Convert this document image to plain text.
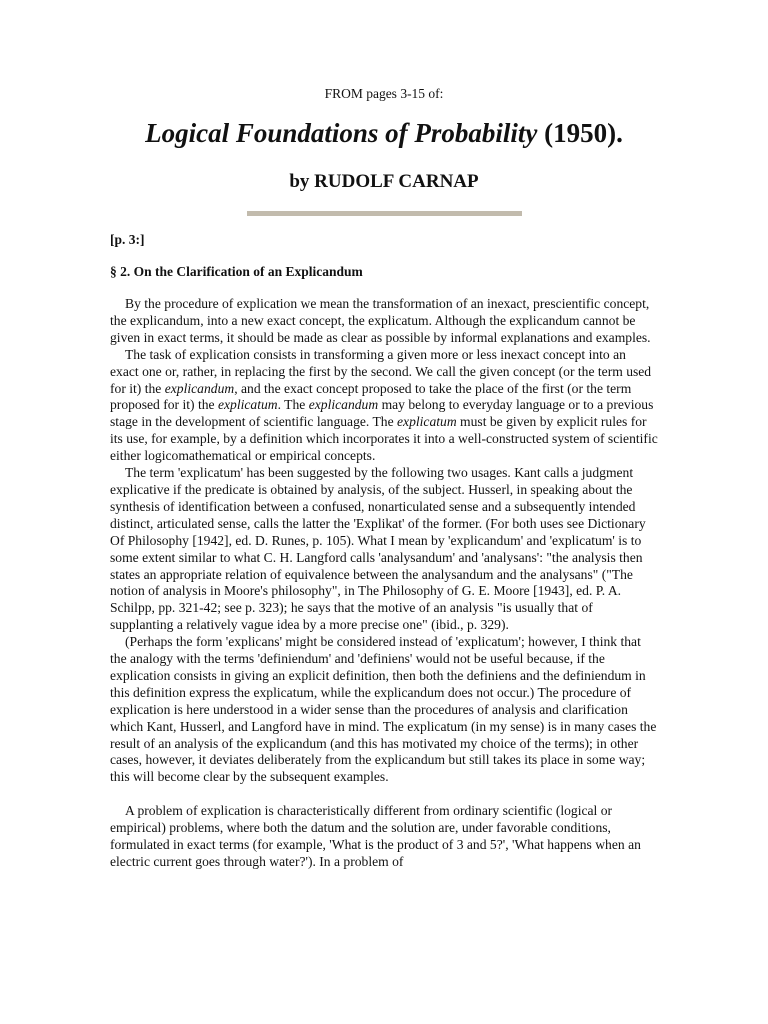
FROM pages 3-15 of:
Logical Foundations of Probability (1950).
by RUDOLF CARNAP
[p. 3:]
§ 2. On the Clarification of an Explicandum

By the procedure of explication we mean the transformation of an inexact, prescientific concept, the explicandum, into a new exact concept, the explicatum. Although the explicandum cannot be given in exact terms, it should be made as clear as possible by informal explanations and examples.

The task of explication consists in transforming a given more or less inexact concept into an exact one or, rather, in replacing the first by the second. We call the given concept (or the term used for it) the explicandum, and the exact concept proposed to take the place of the first (or the term proposed for it) the explicatum. The explicandum may belong to everyday language or to a previous stage in the development of scientific language. The explicatum must be given by explicit rules for its use, for example, by a definition which incorporates it into a well-constructed system of scientific either logicomathematical or empirical concepts.

The term 'explicatum' has been suggested by the following two usages. Kant calls a judgment explicative if the predicate is obtained by analysis, of the subject. Husserl, in speaking about the synthesis of identification between a confused, nonarticulated sense and a subsequently intended distinct, articulated sense, calls the latter the 'Explikat' of the former. (For both uses see Dictionary Of Philosophy [1942], ed. D. Runes, p. 105). What I mean by 'explicandum' and 'explicatum' is to some extent similar to what C. H. Langford calls 'analysandum' and 'analysans': "the analysis then states an appropriate relation of equivalence between the analysandum and the analysans" ("The notion of analysis in Moore's philosophy", in The Philosophy of G. E. Moore [1943], ed. P. A. Schilpp, pp. 321-42; see p. 323); he says that the motive of an analysis "is usually that of supplanting a relatively vague idea by a more precise one" (ibid., p. 329).

(Perhaps the form 'explicans' might be considered instead of 'explicatum'; however, I think that the analogy with the terms 'definiendum' and 'definiens' would not be useful because, if the explication consists in giving an explicit definition, then both the definiens and the definiendum in this definition express the explicatum, while the explicandum does not occur.) The procedure of explication is here understood in a wider sense than the procedures of analysis and clarification which Kant, Husserl, and Langford have in mind. The explicatum (in my sense) is in many cases the result of an analysis of the explicandum (and this has motivated my choice of the terms); in other cases, however, it deviates deliberately from the explicandum but still takes its place in some way; this will become clear by the subsequent examples.

A problem of explication is characteristically different from ordinary scientific (logical or empirical) problems, where both the datum and the solution are, under favorable conditions, formulated in exact terms (for example, 'What is the product of 3 and 5?', 'What happens when an electric current goes through water?'). In a problem of
